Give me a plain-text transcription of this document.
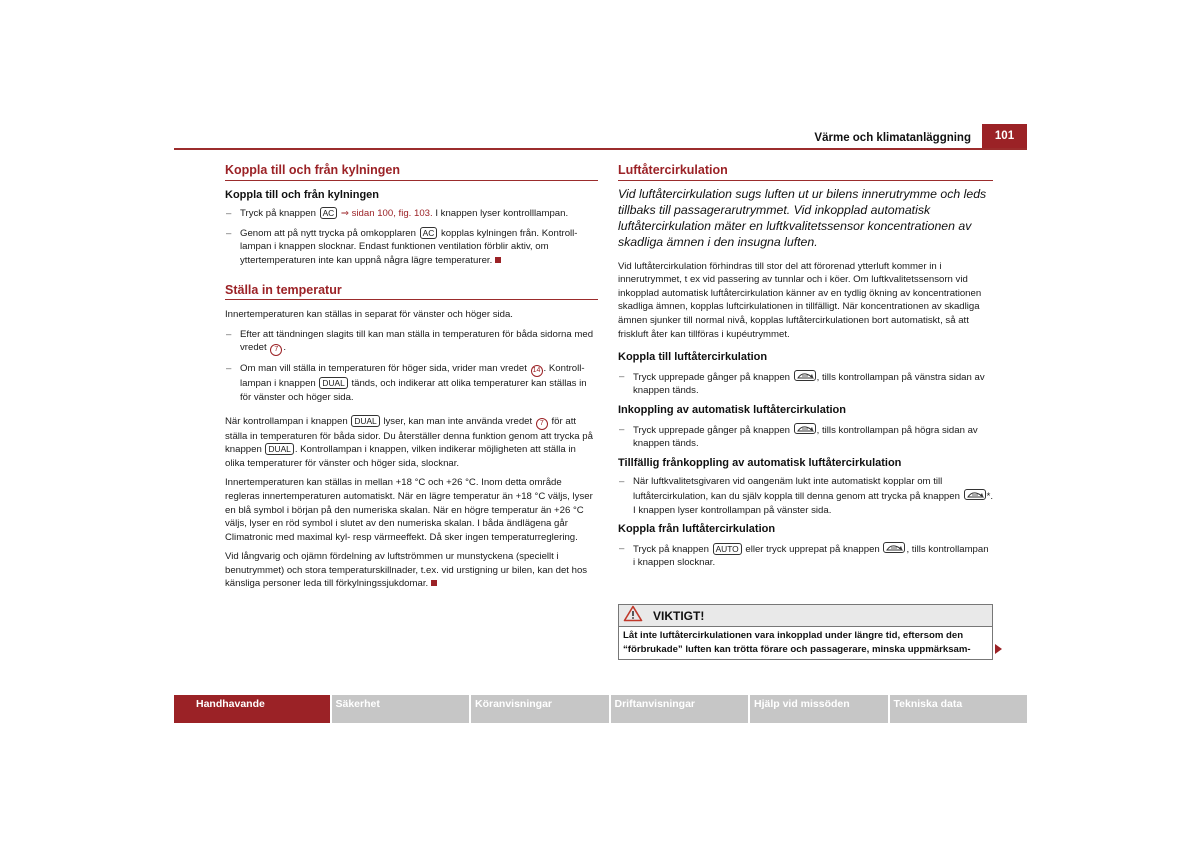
Värme och klimatanläggning	101
Koppla till och från kylningen
Koppla till och från kylningen
– Tryck på knappen AC ⇒ sidan 100, fig. 103. I knappen lyser kontrolllampan.
– Genom att på nytt trycka på omkopplaren AC kopplas kylningen från. Kontrolllampan i knappen slocknar. Endast funktionen ventilation förblir aktiv, om yttertemperaturen inte kan uppnå några lägre temperaturer.
Ställa in temperatur
Innertemperaturen kan ställas in separat för vänster och höger sida.
– Efter att tändningen slagits till kan man ställa in temperaturen för båda sidorna med vredet 7 .
– Om man vill ställa in temperaturen för höger sida, vrider man vredet 14 . Kontrolllampan i knappen DUAL tänds, och indikerar att olika temperaturer kan ställas in för vänster och höger sida.
När kontrollampan i knappen DUAL lyser, kan man inte använda vredet 7 för att ställa in temperaturen för båda sidor. Du återställer denna funktion genom att trycka på knappen DUAL . Kontrollampan i knappen, vilken indikerar möjligheten att ställa in olika temperaturer för vänster och höger sida, slocknar.
Innertemperaturen kan ställas in mellan +18 °C och +26 °C. Inom detta område regleras innertemperaturen automatiskt. När en lägre temperatur än +18 °C väljs, lyser en blå symbol i början på den numeriska skalan. När en högre temperatur än +26 °C väljs, lyser en röd symbol i slutet av den numeriska skalan. I båda ändlägena går Climatronic med maximal kyl- resp värmeeffekt. Då sker ingen temperaturreglering.
Vid långvarig och ojämn fördelning av luftströmmen ur munstyckena (speciellt i benutrymmet) och stora temperaturskillnader, t.ex. vid urstigning ur bilen, kan det hos känsliga personer leda till förkylningssjukdomar.
Luftåtercirkulation
Vid luftåtercirkulation sugs luften ut ur bilens innerutrymme och leds tillbaks till passagerarutrymmet. Vid inkopplad automatisk luftåtercirkulation mäter en luftkvalitetssensor koncentrationen av skadliga ämnen i den insugna luften.
Vid luftåtercirkulation förhindras till stor del att förorenad ytterluft kommer in i innerutrymmet, t ex vid passering av tunnlar och i köer. Om luftkvalitetssensorn vid inkopplad automatisk luftåtercirkulation känner av en tydlig ökning av koncentrationen skadliga ämnen, kopplas luftcirkulationen in tillfälligt. När koncentrationen av skadliga ämnen sjunker till normal nivå, kopplas luftåtercirkulationen bort automatiskt, så att friskluft åter kan tillföras i kupéutrymmet.
Koppla till luftåtercirkulation
– Tryck upprepade gånger på knappen	, tills kontrollampan på vänstra sidan av knappen tänds.
Inkoppling av automatisk luftåtercirkulation
– Tryck upprepade gånger på knappen	, tills kontrollampan på högra sidan av knappen tänds.
Tillfällig frånkoppling av automatisk luftåtercirkulation
– När luftkvalitetsgivaren vid oangenäm lukt inte automatiskt kopplar om till luftåtercirkulation, kan du själv koppla till denna genom att trycka på knappen	*. I knappen lyser kontrollampan på vänster sida.
Koppla från luftåtercirkulation
– Tryck på knappen AUTO eller tryck upprepat på knappen	, tills kontrollampan i knappen slocknar.
VIKTIGT!
Låt inte luftåtercirkulationen vara inkopplad under längre tid, eftersom den “förbrukade” luften kan trötta förare och passagerare, minska uppmärksam-
Handhavande	Säkerhet	Köranvisningar	Driftanvisningar	Hjälp vid missöden	Tekniska data
